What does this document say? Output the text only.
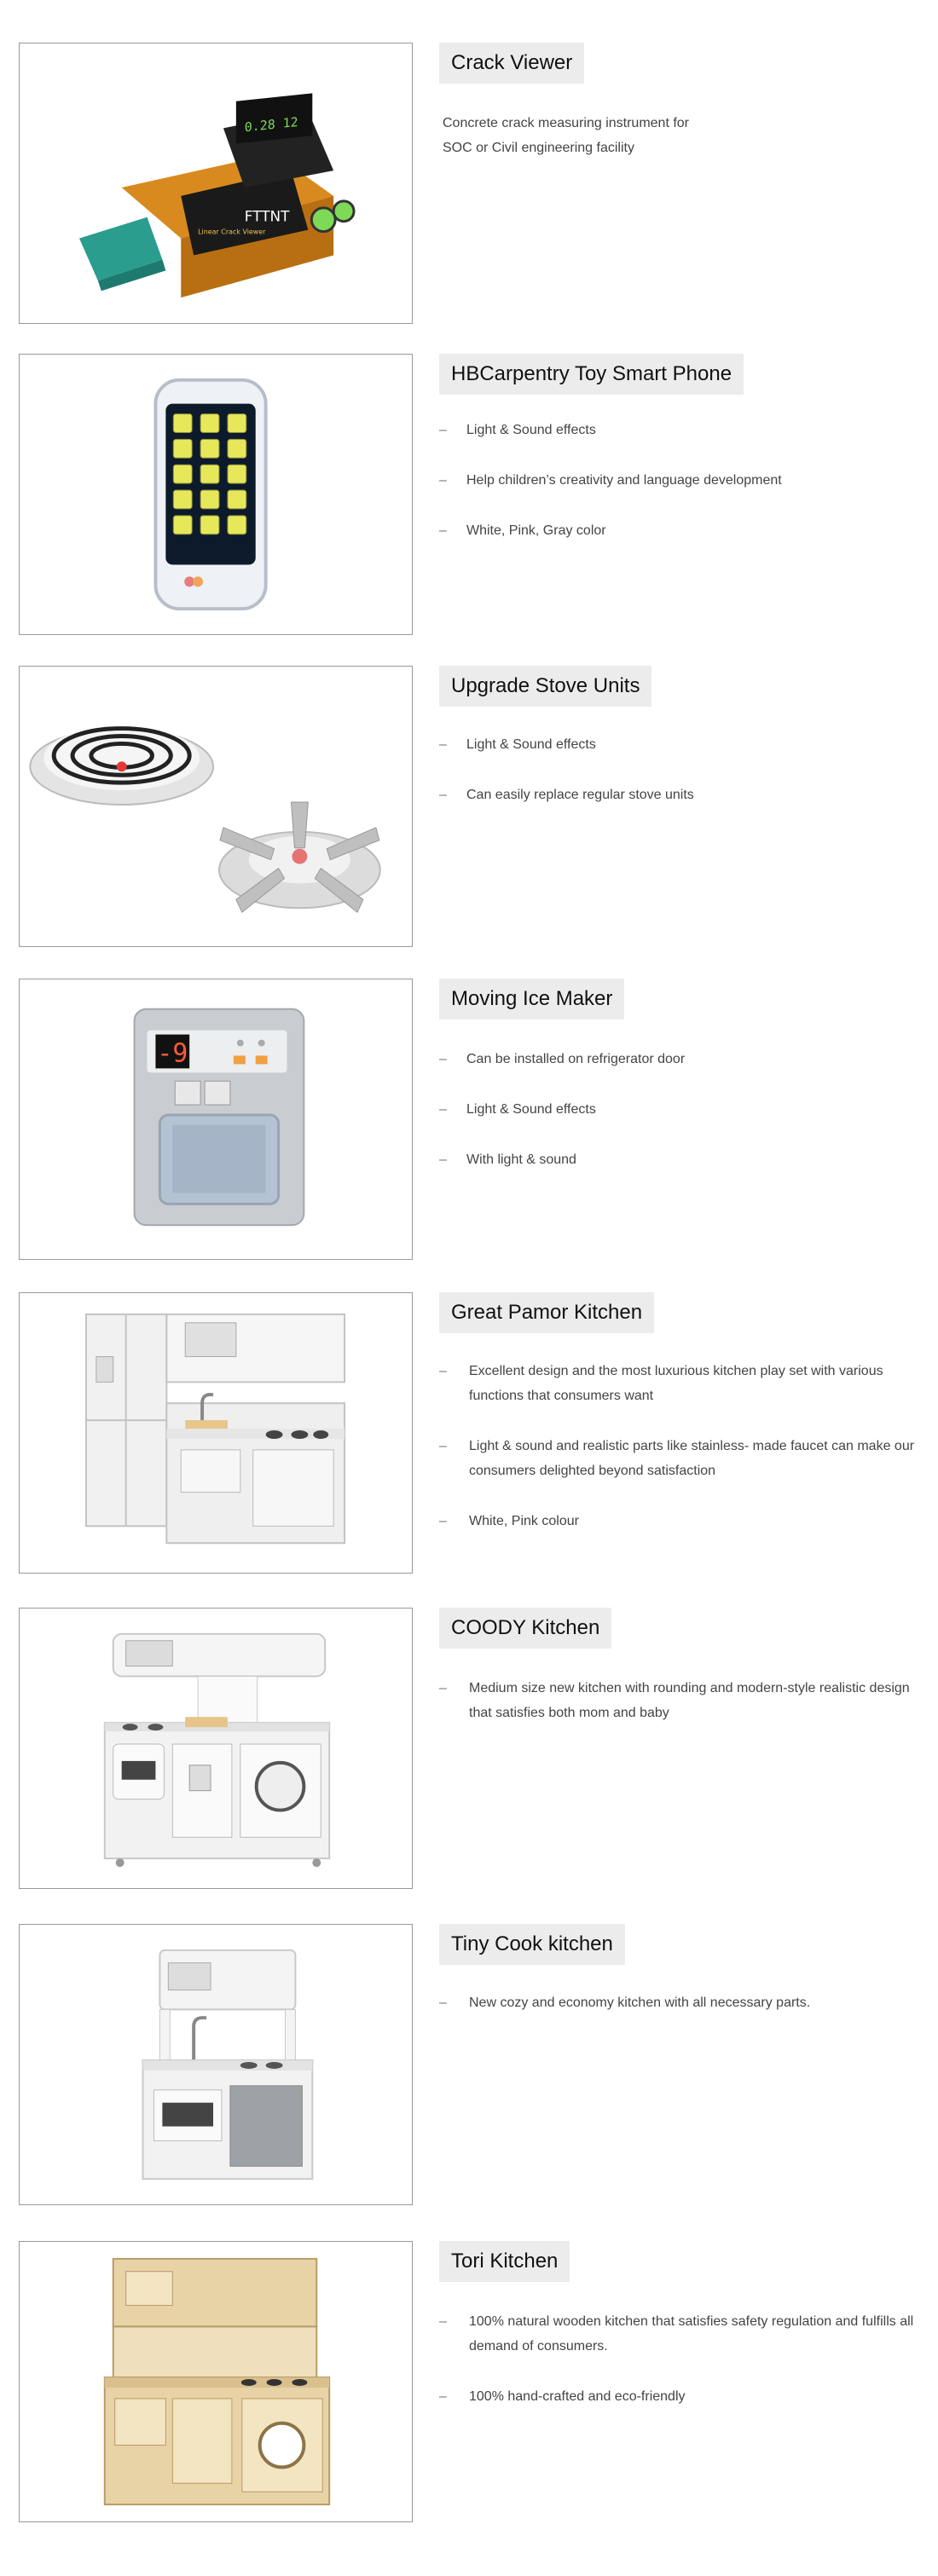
0.28 12
FTTNT
Linear Crack Viewer
Crack Viewer
Concrete crack measuring instrument for
SOC or Civil engineering facility
HBCarpentry Toy Smart Phone
–	Light & Sound effects
–	Help children’s creativity and language development
–	White, Pink, Gray color
Upgrade Stove Units
–	Light & Sound effects
–	Can easily replace regular stove units
-9
Moving Ice Maker
–	Can be installed on refrigerator door
–	Light & Sound effects
–	With light & sound
Great Pamor Kitchen
–	Excellent design and the most luxurious kitchen play set with various functions that consumers want
–	Light & sound and realistic parts like stainless- made faucet can make our consumers delighted beyond satisfaction
–	White, Pink colour
COODY Kitchen
–	Medium size new kitchen with rounding and modern-style realistic design that satisfies both mom and baby
Tiny Cook kitchen
–	New cozy and economy kitchen with all necessary parts.
Tori Kitchen
–	100% natural wooden kitchen that satisfies safety regulation and fulfills all demand of consumers.
–	100% hand-crafted and eco-friendly
